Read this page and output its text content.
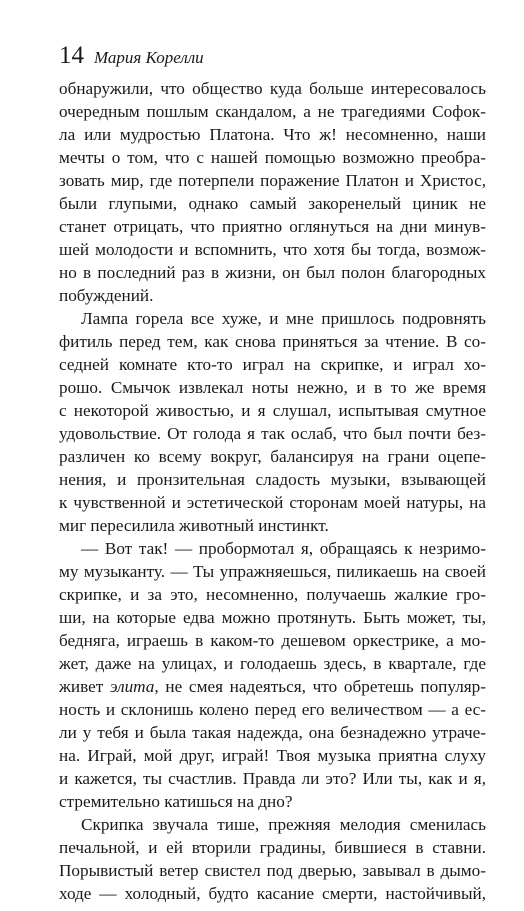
14 Мария Корелли
обнаружили, что общество куда больше интересовалось
очередным пошлым скандалом, а не трагедиями Софок-
ла или мудростью Платона. Что ж! несомненно, наши
мечты о том, что с нашей помощью возможно преобра-
зовать мир, где потерпели поражение Платон и Христос,
были глупыми, однако самый закоренелый циник не
станет отрицать, что приятно оглянуться на дни минув-
шей молодости и вспомнить, что хотя бы тогда, возмож-
но в последний раз в жизни, он был полон благородных
побуждений.
Лампа горела все хуже, и мне пришлось подровнять
фитиль перед тем, как снова приняться за чтение. В со-
седней комнате кто-то играл на скрипке, и играл хо-
рошо. Смычок извлекал ноты нежно, и в то же время
с некоторой живостью, и я слушал, испытывая смутное
удовольствие. От голода я так ослаб, что был почти без-
различен ко всему вокруг, балансируя на грани оцепе-
нения, и пронзительная сладость музыки, взывающей
к чувственной и эстетической сторонам моей натуры, на
миг пересилила животный инстинкт.
— Вот так! — пробормотал я, обращаясь к незримо-
му музыканту. — Ты упражняешься, пиликаешь на своей
скрипке, и за это, несомненно, получаешь жалкие гро-
ши, на которые едва можно протянуть. Быть может, ты,
бедняга, играешь в каком-то дешевом оркестрике, а мо-
жет, даже на улицах, и голодаешь здесь, в квартале, где
живет элита, не смея надеяться, что обретешь популяр-
ность и склонишь колено перед его величеством — а ес-
ли у тебя и была такая надежда, она безнадежно утраче-
на. Играй, мой друг, играй! Твоя музыка приятна слуху
и кажется, ты счастлив. Правда ли это? Или ты, как и я,
стремительно катишься на дно?
Скрипка звучала тише, прежняя мелодия сменилась
печальной, и ей вторили градины, бившиеся в ставни.
Порывистый ветер свистел под дверью, завывал в дымо-
ходе — холодный, будто касание смерти, настойчивый,
